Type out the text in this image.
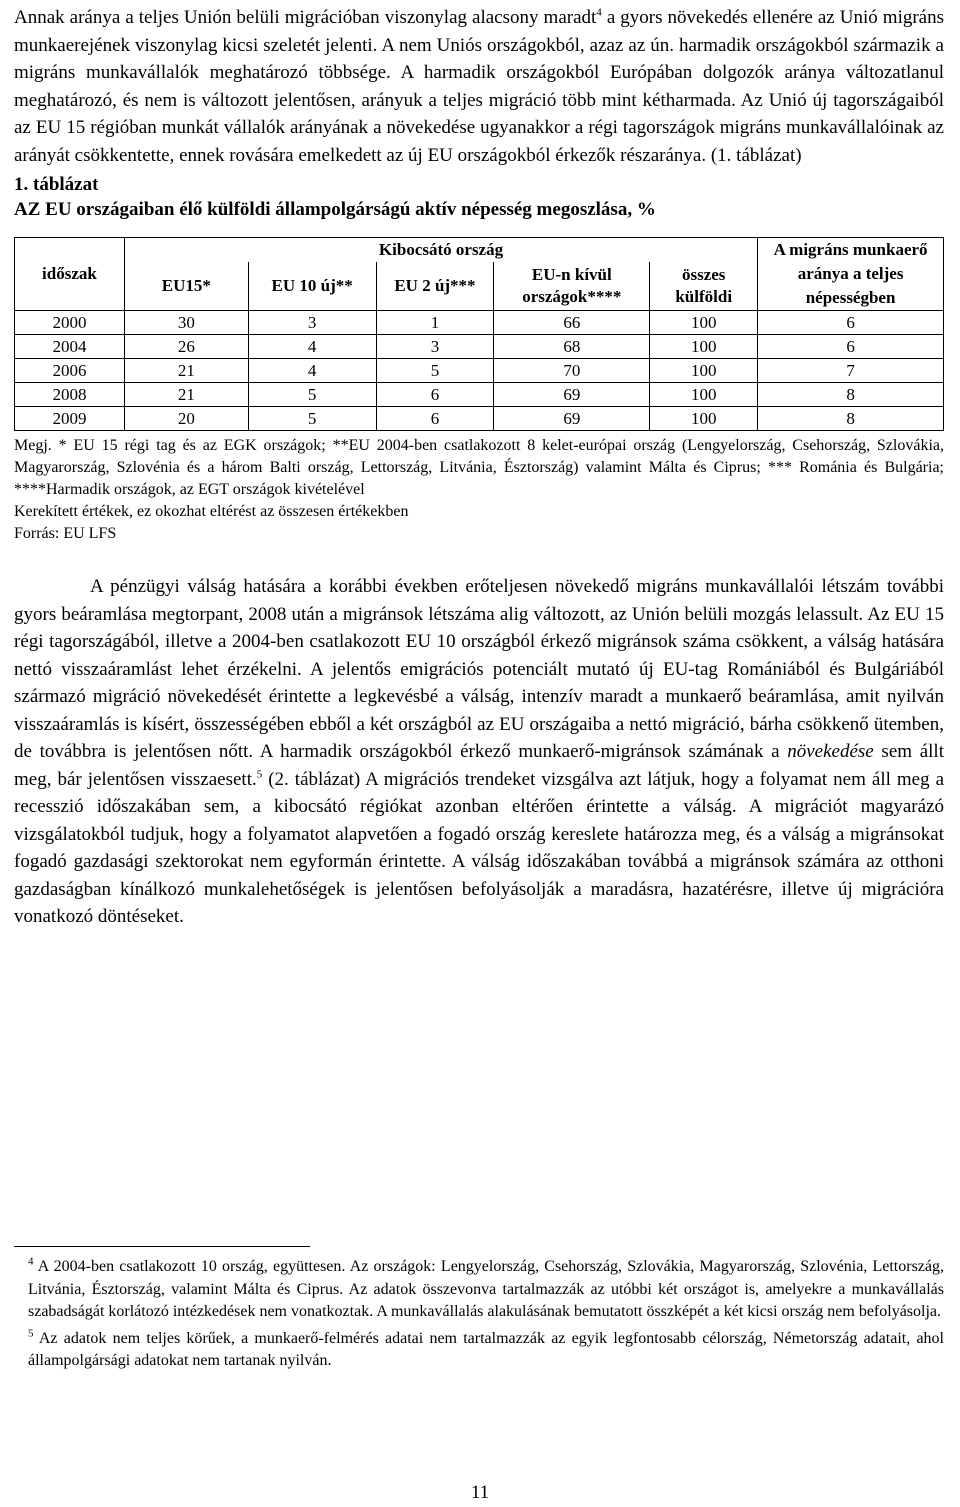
Annak aránya a teljes Unión belüli migrációban viszonylag alacsony maradt$^4$ a gyors növekedés ellenére az Unió migráns munkaerejének viszonylag kicsi szeletét jelenti. A nem Uniós országokból, azaz az ún. harmadik országokból származik a migráns munkavállalók meghatározó többsége. A harmadik országokból Európában dolgozók aránya változatlanul meghatározó, és nem is változott jelentősen, arányuk a teljes migráció több mint kétharmada. Az Unió új tagországaiból az EU 15 régióban munkát vállalók arányának a növekedése ugyanakkor a régi tagországok migráns munkavállalóinak az arányát csökkentette, ennek rovására emelkedett az új EU országokból érkezők részaránya. (1. táblázat)

1. táblázat
AZ EU országaiban élő külföldi állampolgárságú aktív népesség megoszlása, %
időszak	Kibocsátó ország					A migráns munkaerő aránya a teljes népességben
	EU15*	EU 10 új**	EU 2 új***	EU-n kívül országok****	összes külföldi	
2000	30	3	1	66	100	6
2004	26	4	3	68	100	6
2006	21	4	5	70	100	7
2008	21	5	6	69	100	8
2009	20	5	6	69	100	8

Megj. * EU 15 régi tag és az EGK országok; **EU 2004-ben csatlakozott 8 kelet-európai ország (Lengyelország, Csehország, Szlovákia, Magyarország, Szlovénia és a három Balti ország, Lettország, Litvánia, Észtország) valamint Málta és Ciprus; *** Románia és Bulgária; ****Harmadik országok, az EGT országok kivételével

Kerekített értékek, ez okozhat eltérést az összesen értékekben

Forrás: EU LFS

A pénzügyi válság hatására a korábbi években erőteljesen növekedő migráns munkavállalói létszám további gyors beáramlása megtorpant, 2008 után a migránsok létszáma alig változott, az Unión belüli mozgás lelassult. Az EU 15 régi tagországából, illetve a 2004-ben csatlakozott EU 10 országból érkező migránsok száma csökkent, a válság hatására nettó visszaáramlást lehet érzékelni. A jelentős emigrációs potenciált mutató új EU-tag Romániából és Bulgáriából származó migráció növekedését érintette a legkevésbé a válság, intenzív maradt a munkaerő beáramlása, amit nyilván visszaáramlás is kísért, összességében ebből a két országból az EU országaiba a nettó migráció, bárha csökkenő ütemben, de továbbra is jelentősen nőtt. A harmadik országokból érkező munkaerő-migránsok számának a növekedése sem állt meg, bár jelentősen visszaesett.$^5$ (2. táblázat) A migrációs trendeket vizsgálva azt látjuk, hogy a folyamat nem áll meg a recesszió időszakában sem, a kibocsátó régiókat azonban eltérően érintette a válság. A migrációt magyarázó vizsgálatokból tudjuk, hogy a folyamatot alapvetően a fogadó ország kereslete határozza meg, és a válság a migránsokat fogadó gazdasági szektorokat nem egyformán érintette. A válság időszakában továbbá a migránsok számára az otthoni gazdaságban kínálkozó munkalehetőségek is jelentősen befolyásolják a maradásra, hazatérésre, illetve új migrációra vonatkozó döntéseket.

$^4$ A 2004-ben csatlakozott 10 ország, együttesen. Az országok: Lengyelország, Csehország, Szlovákia, Magyarország, Szlovénia, Lettország, Litvánia, Észtország, valamint Málta és Ciprus. Az adatok összevonva tartalmazzák az utóbbi két országot is, amelyekre a munkavállalás szabadságát korlátozó intézkedések nem vonatkoztak. A munkavállalás alakulásának bemutatott összképét a két kicsi ország nem befolyásolja.

$^5$ Az adatok nem teljes körűek, a munkaerő-felmérés adatai nem tartalmazzák az egyik legfontosabb célország, Németország adatait, ahol állampolgársági adatokat nem tartanak nyilván.

11
